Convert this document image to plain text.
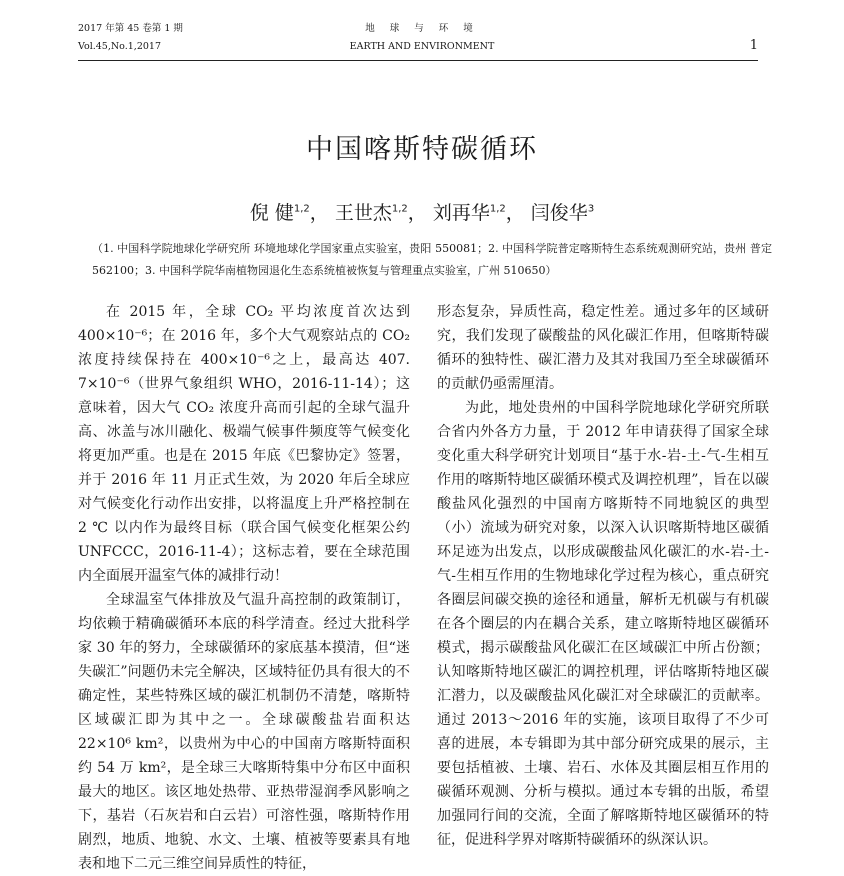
2017 年第 45 卷第 1 期
Vol.45,No.1,2017
地 球 与 环 境
EARTH AND ENVIRONMENT	1
中国喀斯特碳循环
倪 健$^{1,2}$， 王世杰$^{1,2}$， 刘再华$^{1,2}$， 闫俊华$^3$
（1. 中国科学院地球化学研究所 环境地球化学国家重点实验室，贵阳 550081；2. 中国科学院普定喀斯特生态系统观测研究站，贵州 普定 562100；3. 中国科学院华南植物园退化生态系统植被恢复与管理重点实验室，广州 510650）

在 2015 年，全球 CO₂ 平均浓度首次达到 400×10⁻⁶；在 2016 年，多个大气观察站点的 CO₂ 浓度持续保持在 400×10⁻⁶之上，最高达 407. 7×10⁻⁶（世界气象组织 WHO，2016-11-14）；这意味着，因大气 CO₂ 浓度升高而引起的全球气温升高、冰盖与冰川融化、极端气候事件频度等气候变化将更加严重。也是在 2015 年底《巴黎协定》签署，并于 2016 年 11 月正式生效，为 2020 年后全球应对气候变化行动作出安排，以将温度上升严格控制在 2 ℃ 以内作为最终目标（联合国气候变化框架公约 UNFCCC，2016-11-4）；这标志着，要在全球范围内全面展开温室气体的减排行动！

全球温室气体排放及气温升高控制的政策制订，均依赖于精确碳循环本底的科学清查。经过大批科学家 30 年的努力，全球碳循环的家底基本摸清，但“迷失碳汇”问题仍未完全解决，区域特征仍具有很大的不确定性，某些特殊区域的碳汇机制仍不清楚，喀斯特区域碳汇即为其中之一。全球碳酸盐岩面积达 22×10⁶ km²，以贵州为中心的中国南方喀斯特面积约 54 万 km²，是全球三大喀斯特集中分布区中面积最大的地区。该区地处热带、亚热带湿润季风影响之下，基岩（石灰岩和白云岩）可溶性强，喀斯特作用剧烈，地质、地貌、水文、土壤、植被等要素具有地表和地下二元三维空间异质性的特征，

形态复杂，异质性高，稳定性差。通过多年的区域研究，我们发现了碳酸盐的风化碳汇作用，但喀斯特碳循环的独特性、碳汇潜力及其对我国乃至全球碳循环的贡献仍亟需厘清。

为此，地处贵州的中国科学院地球化学研究所联合省内外各方力量，于 2012 年申请获得了国家全球变化重大科学研究计划项目“基于水-岩-土-气-生相互作用的喀斯特地区碳循环模式及调控机理”，旨在以碳酸盐风化强烈的中国南方喀斯特不同地貌区的典型（小）流域为研究对象，以深入认识喀斯特地区碳循环足迹为出发点，以形成碳酸盐风化碳汇的水-岩-土-气-生相互作用的生物地球化学过程为核心，重点研究各圈层间碳交换的途径和通量，解析无机碳与有机碳在各个圈层的内在耦合关系，建立喀斯特地区碳循环模式，揭示碳酸盐风化碳汇在区域碳汇中所占份额；认知喀斯特地区碳汇的调控机理，评估喀斯特地区碳汇潜力，以及碳酸盐风化碳汇对全球碳汇的贡献率。通过 2013～2016 年的实施，该项目取得了不少可喜的进展，本专辑即为其中部分研究成果的展示，主要包括植被、土壤、岩石、水体及其圈层相互作用的碳循环观测、分析与模拟。通过本专辑的出版，希望加强同行间的交流，全面了解喀斯特地区碳循环的特征，促进科学界对喀斯特碳循环的纵深认识。
